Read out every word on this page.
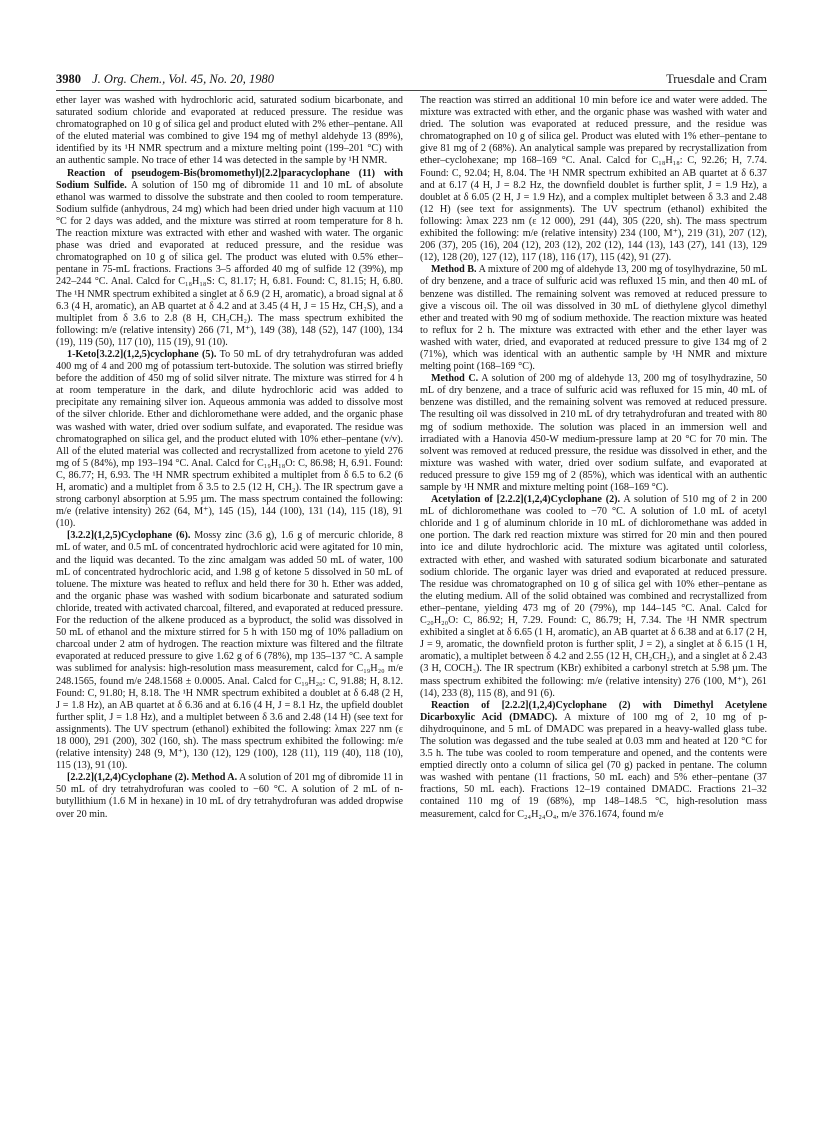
3980 J. Org. Chem., Vol. 45, No. 20, 1980	Truesdale and Cram

ether layer was washed with hydrochloric acid, saturated sodium bicarbonate, and saturated sodium chloride and evaporated at reduced pressure. The residue was chromatographed on 10 g of silica gel and product eluted with 2% ether–pentane. All of the eluted material was combined to give 194 mg of methyl aldehyde 13 (89%), identified by its ¹H NMR spectrum and a mixture melting point (199–201 °C) with an authentic sample. No trace of ether 14 was detected in the sample by ¹H NMR.

Reaction of pseudogem-Bis(bromomethyl)[2.2]paracyclophane (11) with Sodium Sulfide. A solution of 150 mg of dibromide 11 and 10 mL of absolute ethanol was warmed to dissolve the substrate and then cooled to room temperature. Sodium sulfide (anhydrous, 24 mg) which had been dried under high vacuum at 110 °C for 2 days was added, and the mixture was stirred at room temperature for 8 h. The reaction mixture was extracted with ether and washed with water. The organic phase was dried and evaporated at reduced pressure, and the residue was chromatographed on 10 g of silica gel. The product was eluted with 0.5% ether–pentane in 75-mL fractions. Fractions 3–5 afforded 40 mg of sulfide 12 (39%), mp 242–244 °C. Anal. Calcd for C₁₈H₁₈S: C, 81.17; H, 6.81. Found: C, 81.15; H, 6.80. The ¹H NMR spectrum exhibited a singlet at δ 6.9 (2 H, aromatic), a broad signal at δ 6.3 (4 H, aromatic), an AB quartet at δ 4.2 and at 3.45 (4 H, J = 15 Hz, CH₂S), and a multiplet from δ 3.6 to 2.8 (8 H, CH₂CH₂). The mass spectrum exhibited the following: m/e (relative intensity) 266 (71, M⁺), 149 (38), 148 (52), 147 (100), 134 (19), 119 (50), 117 (10), 115 (19), 91 (10).

1-Keto[3.2.2](1,2,5)cyclophane (5). To 50 mL of dry tetrahydrofuran was added 400 mg of 4 and 200 mg of potassium tert-butoxide. The solution was stirred briefly before the addition of 450 mg of solid silver nitrate. The mixture was stirred for 4 h at room temperature in the dark, and dilute hydrochloric acid was added to precipitate any remaining silver ion. Aqueous ammonia was added to dissolve most of the silver chloride. Ether and dichloromethane were added, and the organic phase was washed with water, dried over sodium sulfate, and evaporated. The residue was chromatographed on silica gel, and the product eluted with 10% ether–pentane (v/v). All of the eluted material was collected and recrystallized from acetone to yield 276 mg of 5 (84%), mp 193–194 °C. Anal. Calcd for C₁₉H₁₈O: C, 86.98; H, 6.91. Found: C, 86.77; H, 6.93. The ¹H NMR spectrum exhibited a multiplet from δ 6.5 to 6.2 (6 H, aromatic) and a multiplet from δ 3.5 to 2.5 (12 H, CH₂). The IR spectrum gave a strong carbonyl absorption at 5.95 µm. The mass spectrum contained the following: m/e (relative intensity) 262 (64, M⁺), 145 (15), 144 (100), 131 (14), 115 (18), 91 (10).

[3.2.2](1,2,5)Cyclophane (6). Mossy zinc (3.6 g), 1.6 g of mercuric chloride, 8 mL of water, and 0.5 mL of concentrated hydrochloric acid were agitated for 10 min, and the liquid was decanted. To the zinc amalgam was added 50 mL of water, 100 mL of concentrated hydrochloric acid, and 1.98 g of ketone 5 dissolved in 50 mL of toluene. The mixture was heated to reflux and held there for 30 h. Ether was added, and the organic phase was washed with sodium bicarbonate and saturated sodium chloride, treated with activated charcoal, filtered, and evaporated at reduced pressure. For the reduction of the alkene produced as a byproduct, the solid was dissolved in 50 mL of ethanol and the mixture stirred for 5 h with 150 mg of 10% palladium on charcoal under 2 atm of hydrogen. The reaction mixture was filtered and the filtrate evaporated at reduced pressure to give 1.62 g of 6 (78%), mp 135–137 °C. A sample was sublimed for analysis: high-resolution mass measurement, calcd for C₁₉H₂₀ m/e 248.1565, found m/e 248.1568 ± 0.0005. Anal. Calcd for C₁₉H₂₀: C, 91.88; H, 8.12. Found: C, 91.80; H, 8.18. The ¹H NMR spectrum exhibited a doublet at δ 6.48 (2 H, J = 1.8 Hz), an AB quartet at δ 6.36 and at 6.16 (4 H, J = 8.1 Hz, the upfield doublet further split, J = 1.8 Hz), and a multiplet between δ 3.6 and 2.48 (14 H) (see text for assignments). The UV spectrum (ethanol) exhibited the following: λmax 227 nm (ε 18 000), 291 (200), 302 (160, sh). The mass spectrum exhibited the following: m/e (relative intensity) 248 (9, M⁺), 130 (12), 129 (100), 128 (11), 119 (40), 118 (10), 115 (13), 91 (10).

[2.2.2](1,2,4)Cyclophane (2). Method A. A solution of 201 mg of dibromide 11 in 50 mL of dry tetrahydrofuran was cooled to −60 °C. A solution of 2 mL of n-butyllithium (1.6 M in hexane) in 10 mL of dry tetrahydrofuran was added dropwise over 20 min.

The reaction was stirred an additional 10 min before ice and water were added. The mixture was extracted with ether, and the organic phase was washed with water and dried. The solution was evaporated at reduced pressure, and the residue was chromatographed on 10 g of silica gel. Product was eluted with 1% ether–pentane to give 81 mg of 2 (68%). An analytical sample was prepared by recrystallization from ether–cyclohexane; mp 168–169 °C. Anal. Calcd for C₁₈H₁₈: C, 92.26; H, 7.74. Found: C, 92.04; H, 8.04. The ¹H NMR spectrum exhibited an AB quartet at δ 6.37 and at 6.17 (4 H, J = 8.2 Hz, the downfield doublet is further split, J = 1.9 Hz), a doublet at δ 6.05 (2 H, J = 1.9 Hz), and a complex multiplet between δ 3.3 and 2.48 (12 H) (see text for assignments). The UV spectrum (ethanol) exhibited the following: λmax 223 nm (ε 12 000), 291 (44), 305 (220, sh). The mass spectrum exhibited the following: m/e (relative intensity) 234 (100, M⁺), 219 (31), 207 (12), 206 (37), 205 (16), 204 (12), 203 (12), 202 (12), 144 (13), 143 (27), 141 (13), 129 (12), 128 (20), 127 (12), 117 (18), 116 (17), 115 (42), 91 (27).

Method B. A mixture of 200 mg of aldehyde 13, 200 mg of tosylhydrazine, 50 mL of dry benzene, and a trace of sulfuric acid was refluxed 15 min, and then 40 mL of benzene was distilled. The remaining solvent was removed at reduced pressure to give a viscous oil. The oil was dissolved in 30 mL of diethylene glycol dimethyl ether and treated with 90 mg of sodium methoxide. The reaction mixture was heated to reflux for 2 h. The mixture was extracted with ether and the ether layer was washed with water, dried, and evaporated at reduced pressure to give 134 mg of 2 (71%), which was identical with an authentic sample by ¹H NMR and mixture melting point (168–169 °C).

Method C. A solution of 200 mg of aldehyde 13, 200 mg of tosylhydrazine, 50 mL of dry benzene, and a trace of sulfuric acid was refluxed for 15 min, 40 mL of benzene was distilled, and the remaining solvent was removed at reduced pressure. The resulting oil was dissolved in 210 mL of dry tetrahydrofuran and treated with 80 mg of sodium methoxide. The solution was placed in an immersion well and irradiated with a Hanovia 450-W medium-pressure lamp at 20 °C for 70 min. The solvent was removed at reduced pressure, the residue was dissolved in ether, and the mixture was washed with water, dried over sodium sulfate, and evaporated at reduced pressure to give 159 mg of 2 (85%), which was identical with an authentic sample by ¹H NMR and mixture melting point (168–169 °C).

Acetylation of [2.2.2](1,2,4)Cyclophane (2). A solution of 510 mg of 2 in 200 mL of dichloromethane was cooled to −70 °C. A solution of 1.0 mL of acetyl chloride and 1 g of aluminum chloride in 10 mL of dichloromethane was added in one portion. The dark red reaction mixture was stirred for 20 min and then poured into ice and dilute hydrochloric acid. The mixture was agitated until colorless, extracted with ether, and washed with saturated sodium bicarbonate and saturated sodium chloride. The organic layer was dried and evaporated at reduced pressure. The residue was chromatographed on 10 g of silica gel with 10% ether–pentane as the eluting medium. All of the solid obtained was combined and recrystallized from ether–pentane, yielding 473 mg of 20 (79%), mp 144–145 °C. Anal. Calcd for C₂₀H₂₀O: C, 86.92; H, 7.29. Found: C, 86.79; H, 7.34. The ¹H NMR spectrum exhibited a singlet at δ 6.65 (1 H, aromatic), an AB quartet at δ 6.38 and at 6.17 (2 H, J = 9, aromatic, the downfield proton is further split, J = 2), a singlet at δ 6.15 (1 H, aromatic), a multiplet between δ 4.2 and 2.55 (12 H, CH₂CH₂), and a singlet at δ 2.43 (3 H, COCH₃). The IR spectrum (KBr) exhibited a carbonyl stretch at 5.98 µm. The mass spectrum exhibited the following: m/e (relative intensity) 276 (100, M⁺), 261 (14), 233 (8), 115 (8), and 91 (6).

Reaction of [2.2.2](1,2,4)Cyclophane (2) with Dimethyl Acetylene Dicarboxylic Acid (DMADC). A mixture of 100 mg of 2, 10 mg of p-dihydroquinone, and 5 mL of DMADC was prepared in a heavy-walled glass tube. The solution was degassed and the tube sealed at 0.03 mm and heated at 120 °C for 3.5 h. The tube was cooled to room temperature and opened, and the contents were emptied directly onto a column of silica gel (70 g) packed in pentane. The column was washed with pentane (11 fractions, 50 mL each) and 5% ether–pentane (37 fractions, 50 mL each). Fractions 12–19 contained DMADC. Fractions 21–32 contained 110 mg of 19 (68%), mp 148–148.5 °C, high-resolution mass measurement, calcd for C₂₄H₂₄O₄, m/e 376.1674, found m/e
